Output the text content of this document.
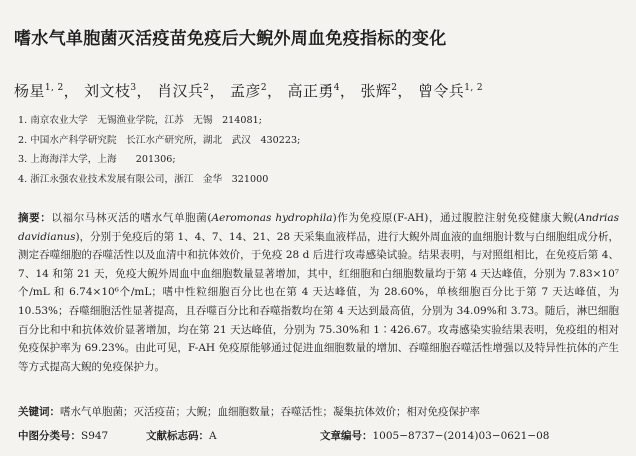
嗜水气单胞菌灭活疫苗免疫后大鲵外周血免疫指标的变化
杨星$^{1, 2}$， 刘文枝$^3$， 肖汉兵$^2$， 孟彦$^2$， 高正勇$^4$， 张辉$^2$， 曾令兵$^{1, 2}$
1. 南京农业大学　无锡渔业学院，江苏　无锡　214081;
2. 中国水产科学研究院　长江水产研究所，湖北　武汉　430223;
3. 上海海洋大学，上海　　201306;
4. 浙江永强农业技术发展有限公司，浙江　金华　321000
摘要：以福尔马林灭活的嗜水气单胞菌(Aeromonas hydrophila)作为免疫原(F-AH)，通过腹腔注射免疫健康大鲵(Andrias davidianus)，分别于免疫后的第 1、4、7、14、21、28 天采集血液样品，进行大鲵外周血液的血细胞计数与白细胞组成分析，测定吞噬细胞的吞噬活性以及血清中和抗体效价，于免疫 28 d 后进行攻毒感染试验。结果表明，与对照组相比，在免疫后第 4、7、14 和第 21 天，免疫大鲵外周血中血细胞数量显著增加，其中，红细胞和白细胞数量均于第 4 天达峰值，分别为 7.83×10⁷个/mL 和 6.74×10⁶个/mL；嗜中性粒细胞百分比也在第 4 天达峰值，为 28.60%，单核细胞百分比于第 7 天达峰值，为 10.53%；吞噬细胞活性显著提高，且吞噬百分比和吞噬指数均在第 4 天达到最高值，分别为 34.09%和 3.73。随后，淋巴细胞百分比和中和抗体效价显著增加，均在第 21 天达峰值，分别为 75.30%和 1∶426.67。攻毒感染实验结果表明，免疫组的相对免疫保护率为 69.23%。由此可见，F-AH 免疫原能够通过促进血细胞数量的增加、吞噬细胞吞噬活性增强以及特异性抗体的产生等方式提高大鲵的免疫保护力。
关键词：嗜水气单胞菌；灭活疫苗；大鲵；血细胞数量；吞噬活性；凝集抗体效价；相对免疫保护率
中图分类号：S947	文献标志码：A	文章编号：1005−8737−(2014)03−0621−08
